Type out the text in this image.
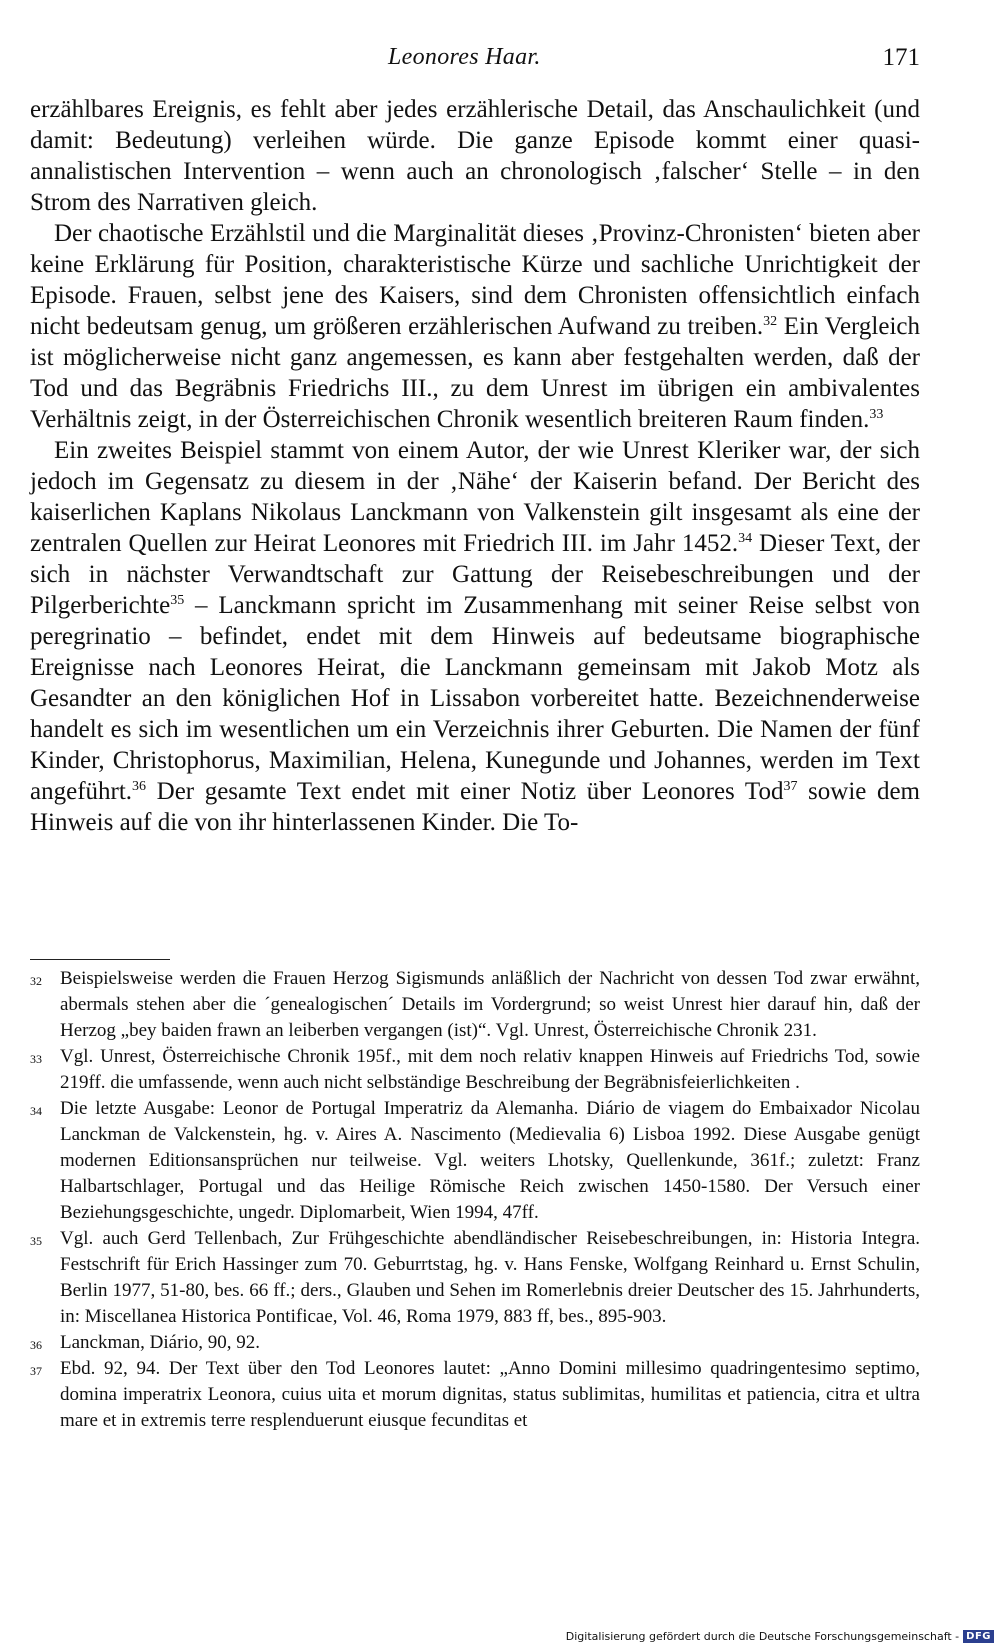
Leonores Haar.	171

erzählbares Ereignis, es fehlt aber jedes erzählerische Detail, das Anschaulichkeit (und damit: Bedeutung) verleihen würde. Die ganze Episode kommt einer quasi-annalistischen Intervention – wenn auch an chronologisch ‚falscher‘ Stelle – in den Strom des Narrativen gleich.

Der chaotische Erzählstil und die Marginalität dieses ‚Provinz-Chronisten‘ bieten aber keine Erklärung für Position, charakteristische Kürze und sachliche Unrichtigkeit der Episode. Frauen, selbst jene des Kaisers, sind dem Chronisten offensichtlich einfach nicht bedeutsam genug, um größeren erzählerischen Aufwand zu treiben.$^{32}$ Ein Vergleich ist möglicherweise nicht ganz angemessen, es kann aber festgehalten werden, daß der Tod und das Begräbnis Friedrichs III., zu dem Unrest im übrigen ein ambivalentes Verhältnis zeigt, in der Österreichischen Chronik wesentlich breiteren Raum finden.$^{33}$

Ein zweites Beispiel stammt von einem Autor, der wie Unrest Kleriker war, der sich jedoch im Gegensatz zu diesem in der ‚Nähe‘ der Kaiserin befand. Der Bericht des kaiserlichen Kaplans Nikolaus Lanckmann von Valkenstein gilt insgesamt als eine der zentralen Quellen zur Heirat Leonores mit Friedrich III. im Jahr 1452.34 Dieser Text, der sich in nächster Verwandtschaft zur Gattung der Reisebeschreibungen und der Pilgerberichte$^{35}$ – Lanckmann spricht im Zusammenhang mit seiner Reise selbst von peregrinatio – befindet, endet mit dem Hinweis auf bedeutsame biographische Ereignisse nach Leonores Heirat, die Lanckmann gemeinsam mit Jakob Motz als Gesandter an den königlichen Hof in Lissabon vorbereitet hatte. Bezeichnenderweise handelt es sich im wesentlichen um ein Verzeichnis ihrer Geburten. Die Namen der fünf Kinder, Christophorus, Maximilian, Helena, Kunegunde und Johannes, werden im Text angeführt.$^{36}$ Der gesamte Text endet mit einer Notiz über Leonores Tod$^{37}$ sowie dem Hinweis auf die von ihr hinterlassenen Kinder. Die To-

32 Beispielsweise werden die Frauen Herzog Sigismunds anläßlich der Nachricht von dessen Tod zwar erwähnt, abermals stehen aber die ´genealogischen´ Details im Vordergrund; so weist Unrest hier darauf hin, daß der Herzog „bey baiden frawn an leiberben vergangen (ist)“. Vgl. Unrest, Österreichische Chronik 231.
33 Vgl. Unrest, Österreichische Chronik 195f., mit dem noch relativ knappen Hinweis auf Friedrichs Tod, sowie 219ff. die umfassende, wenn auch nicht selbständige Beschreibung der Begräbnisfeierlichkeiten .
34 Die letzte Ausgabe: Leonor de Portugal Imperatriz da Alemanha. Diário de viagem do Embaixador Nicolau Lanckman de Valckenstein, hg. v. Aires A. Nascimento (Medievalia 6) Lisboa 1992. Diese Ausgabe genügt modernen Editionsansprüchen nur teilweise. Vgl. weiters Lhotsky, Quellenkunde, 361f.; zuletzt: Franz Halbartschlager, Portugal und das Heilige Römische Reich zwischen 1450-1580. Der Versuch einer Beziehungsgeschichte, ungedr. Diplomarbeit, Wien 1994, 47ff.
35 Vgl. auch Gerd Tellenbach, Zur Frühgeschichte abendländischer Reisebeschreibungen, in: Historia Integra. Festschrift für Erich Hassinger zum 70. Geburrtstag, hg. v. Hans Fenske, Wolfgang Reinhard u. Ernst Schulin, Berlin 1977, 51-80, bes. 66 ff.; ders., Glauben und Sehen im Romerlebnis dreier Deutscher des 15. Jahrhunderts, in: Miscellanea Historica Pontificae, Vol. 46, Roma 1979, 883 ff, bes., 895-903.
36 Lanckman, Diário, 90, 92.
37 Ebd. 92, 94. Der Text über den Tod Leonores lautet: „Anno Domini millesimo quadringentesimo septimo, domina imperatrix Leonora, cuius uita et morum dignitas, status sublimitas, humilitas et patiencia, citra et ultra mare et in extremis terre resplenduerunt eiusque fecunditas et
Digitalisierung gefördert durch die Deutsche Forschungsgemeinschaft - DFG
